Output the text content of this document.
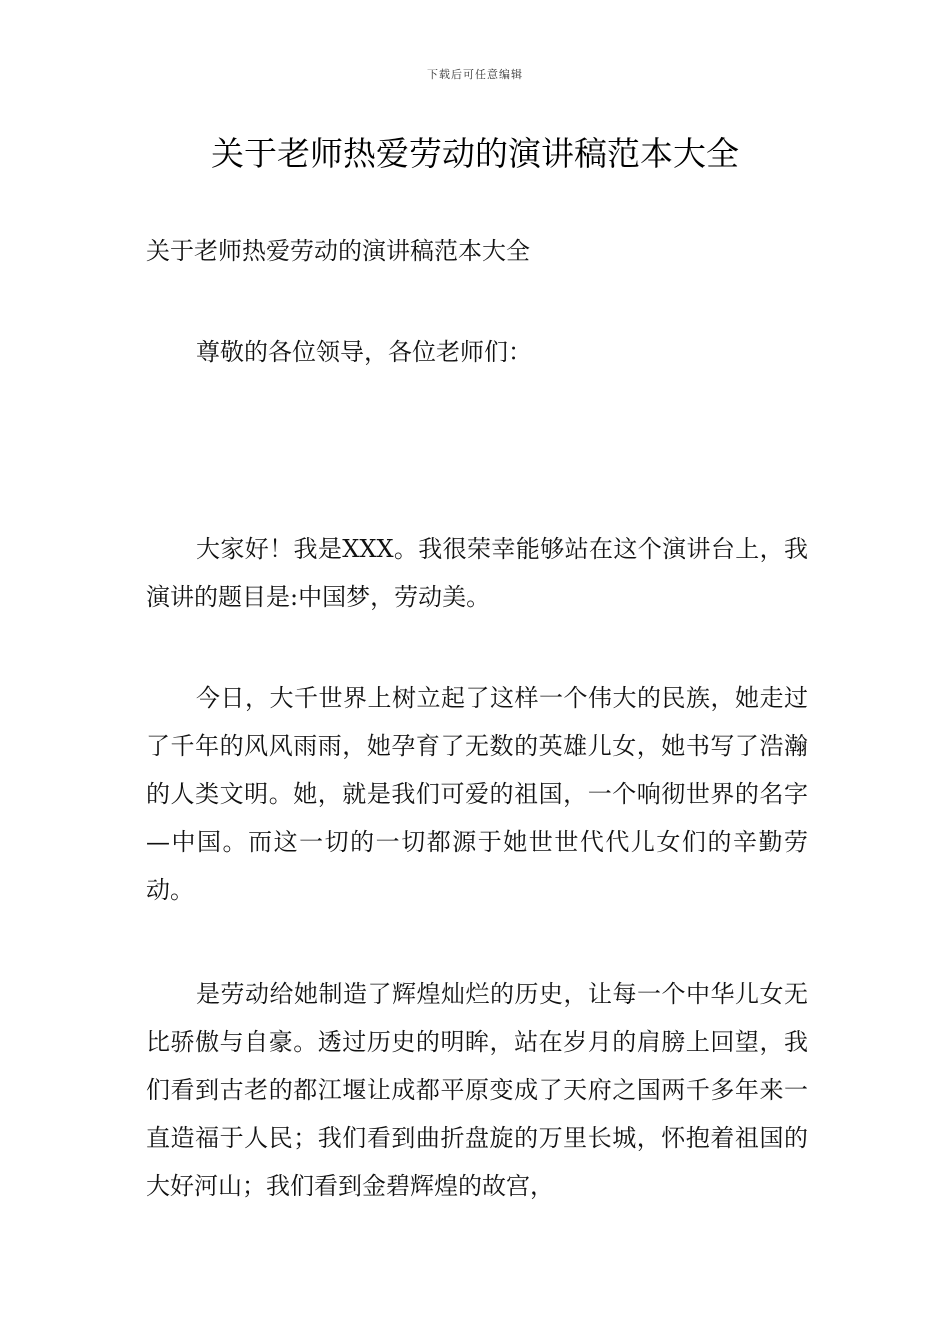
下载后可任意编辑
关于老师热爱劳动的演讲稿范本大全

关于老师热爱劳动的演讲稿范本大全

尊敬的各位领导，各位老师们：

大家好！我是XXX。我很荣幸能够站在这个演讲台上，我演讲的题目是:中国梦，劳动美。

今日，大千世界上树立起了这样一个伟大的民族，她走过了千年的风风雨雨，她孕育了无数的英雄儿女，她书写了浩瀚的人类文明。她，就是我们可爱的祖国，一个响彻世界的名字—中国。而这一切的一切都源于她世世代代儿女们的辛勤劳动。

是劳动给她制造了辉煌灿烂的历史，让每一个中华儿女无比骄傲与自豪。透过历史的明眸，站在岁月的肩膀上回望，我们看到古老的都江堰让成都平原变成了天府之国两千多年来一直造福于人民；我们看到曲折盘旋的万里长城，怀抱着祖国的大好河山；我们看到金碧辉煌的故宫，
